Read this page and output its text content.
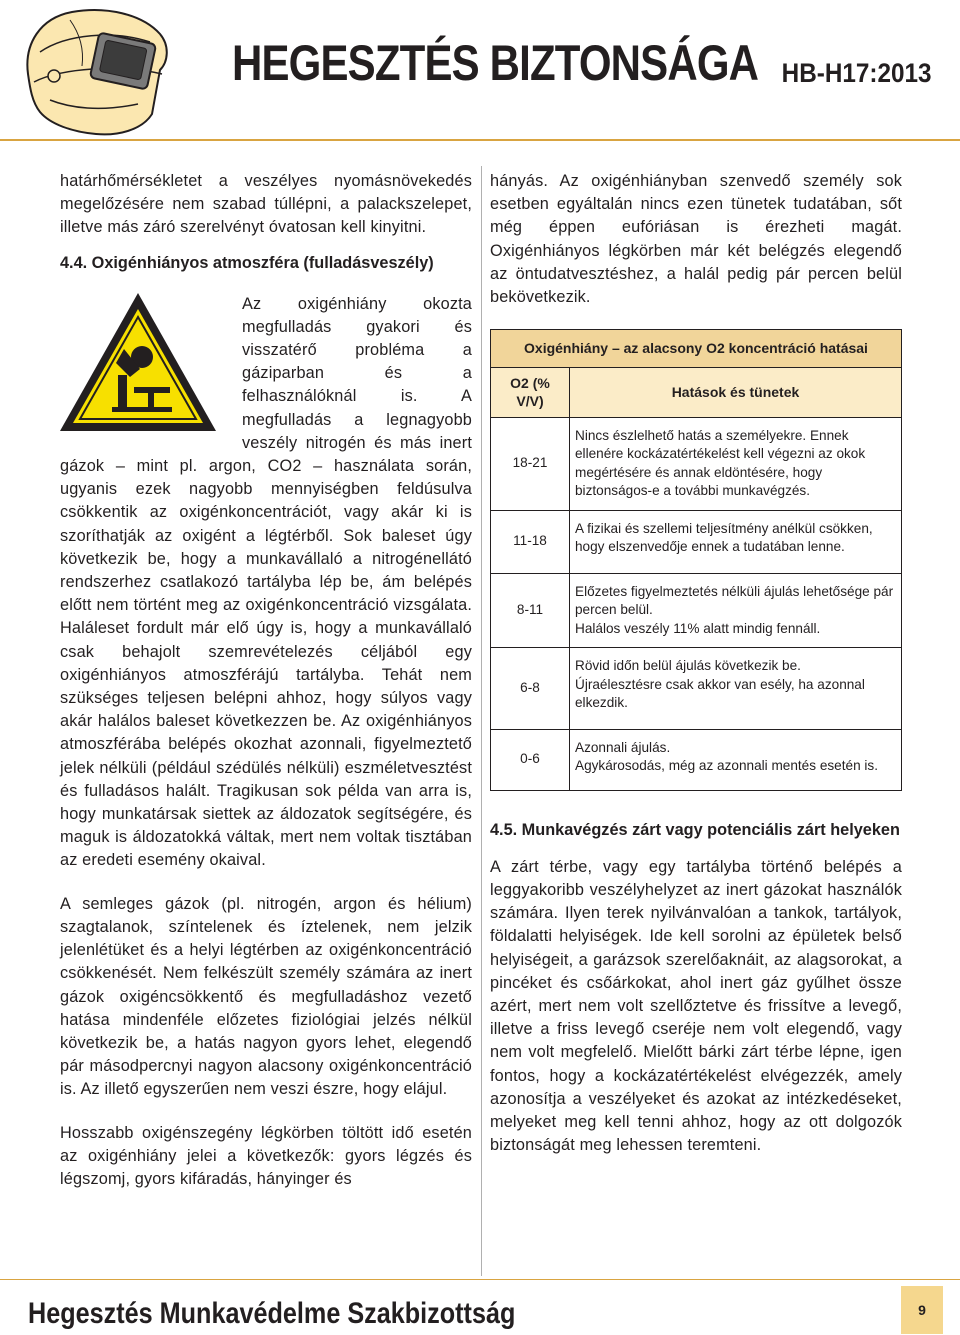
HEGESZTÉS BIZTONSÁGA HB-H17:2013

határhőmérsékletet a veszélyes nyomásnövekedés megelőzésére nem szabad túllépni, a palackszelepet, illetve más záró szerelvényt óvatosan kell kinyitni.

4.4. Oxigénhiányos atmoszféra (fulladásveszély)

Az oxigénhiány okozta megfulladás gyakori és visszatérő probléma a gáziparban és a felhasználóknál is. A megfulladás a legnagyobb veszély nitrogén és más inert gázok – mint pl. argon, CO2 – használata során, ugyanis ezek nagyobb mennyiségben feldúsulva csökkentik az oxigénkoncentrációt, vagy akár ki is szoríthatják az oxigént a légtérből. Sok baleset úgy következik be, hogy a munkavállaló a nitrogénellátó rendszerhez csatlakozó tartályba lép be, ám belépés előtt nem történt meg az oxigénkoncentráció vizsgálata. Haláleset fordult már elő úgy is, hogy a munkavállaló csak behajolt szemrevételezés céljából egy oxigénhiányos atmoszférájú tartályba. Tehát nem szükséges teljesen belépni ahhoz, hogy súlyos vagy akár halálos baleset következzen be. Az oxigénhiányos atmoszférába belépés okozhat azonnali, figyelmeztető jelek nélküli (például szédülés nélküli) eszméletvesztést és fulladásos halált. Tragikusan sok példa van arra is, hogy munkatársak siettek az áldozatok segítségére, és maguk is áldozatokká váltak, mert nem voltak tisztában az eredeti esemény okaival.

A semleges gázok (pl. nitrogén, argon és hélium) szagtalanok, színtelenek és íztelenek, nem jelzik jelenlétüket és a helyi légtérben az oxigénkoncentráció csökkenését. Nem felkészült személy számára az inert gázok oxigéncsökkentő és megfulladáshoz vezető hatása mindenféle előzetes fiziológiai jelzés nélkül következik be, a hatás nagyon gyors lehet, elegendő pár másodpercnyi nagyon alacsony oxigénkoncentráció is. Az illető egyszerűen nem veszi észre, hogy elájul.

Hosszabb oxigénszegény légkörben töltött idő esetén az oxigénhiány jelei a következők: gyors légzés és légszomj, gyors kifáradás, hányinger és

hányás. Az oxigénhiányban szenvedő személy sok esetben egyáltalán nincs ezen tünetek tudatában, sőt még éppen eufóriásan is érezheti magát. Oxigénhiányos légkörben már két belégzés elegendő az öntudatvesztéshez, a halál pedig pár percen belül bekövetkezik.

Oxigénhiány – az alacsony O2 koncentráció hatásai	
O2 (% V/V)	Hatások és tünetek
18-21	Nincs észlelhető hatás a személyekre. Ennek ellenére kockázatértékelést kell végezni az okok megértésére és annak eldöntésére, hogy biztonságos-e a további munkavégzés.

11-18	A fizikai és szellemi teljesítmény anélkül csökken, hogy elszenvedője ennek a tudatában lenne.

8-11	Előzetes figyelmeztetés nélküli ájulás lehetősége pár percen belül.
Halálos veszély 11% alatt mindig fennáll.

6-8	Rövid időn belül ájulás következik be.
Újraélesztésre csak akkor van esély, ha azonnal elkezdik.

0-6	Azonnali ájulás.
Agykárosodás, még az azonnali mentés esetén is.
4.5. Munkavégzés zárt vagy potenciális zárt helyeken

A zárt térbe, vagy egy tartályba történő belépés a leggyakoribb veszélyhelyzet az inert gázokat használók számára. Ilyen terek nyilvánvalóan a tankok, tartályok, földalatti helyiségek. Ide kell sorolni az épületek belső helyiségeit, a garázsok szerelőaknáit, az alagsorokat, a pincéket és csőárkokat, ahol inert gáz gyűlhet össze azért, mert nem volt szellőztetve és frissítve a levegő, illetve a friss levegő cseréje nem volt elegendő, vagy nem volt megfelelő. Mielőtt bárki zárt térbe lépne, igen fontos, hogy a kockázatértékelést elvégezzék, amely azonosítja a veszélyeket és azokat az intézkedéseket, melyeket meg kell tenni ahhoz, hogy az ott dolgozók biztonságát meg lehessen teremteni.

Hegesztés Munkavédelme Szakbizottság	9
